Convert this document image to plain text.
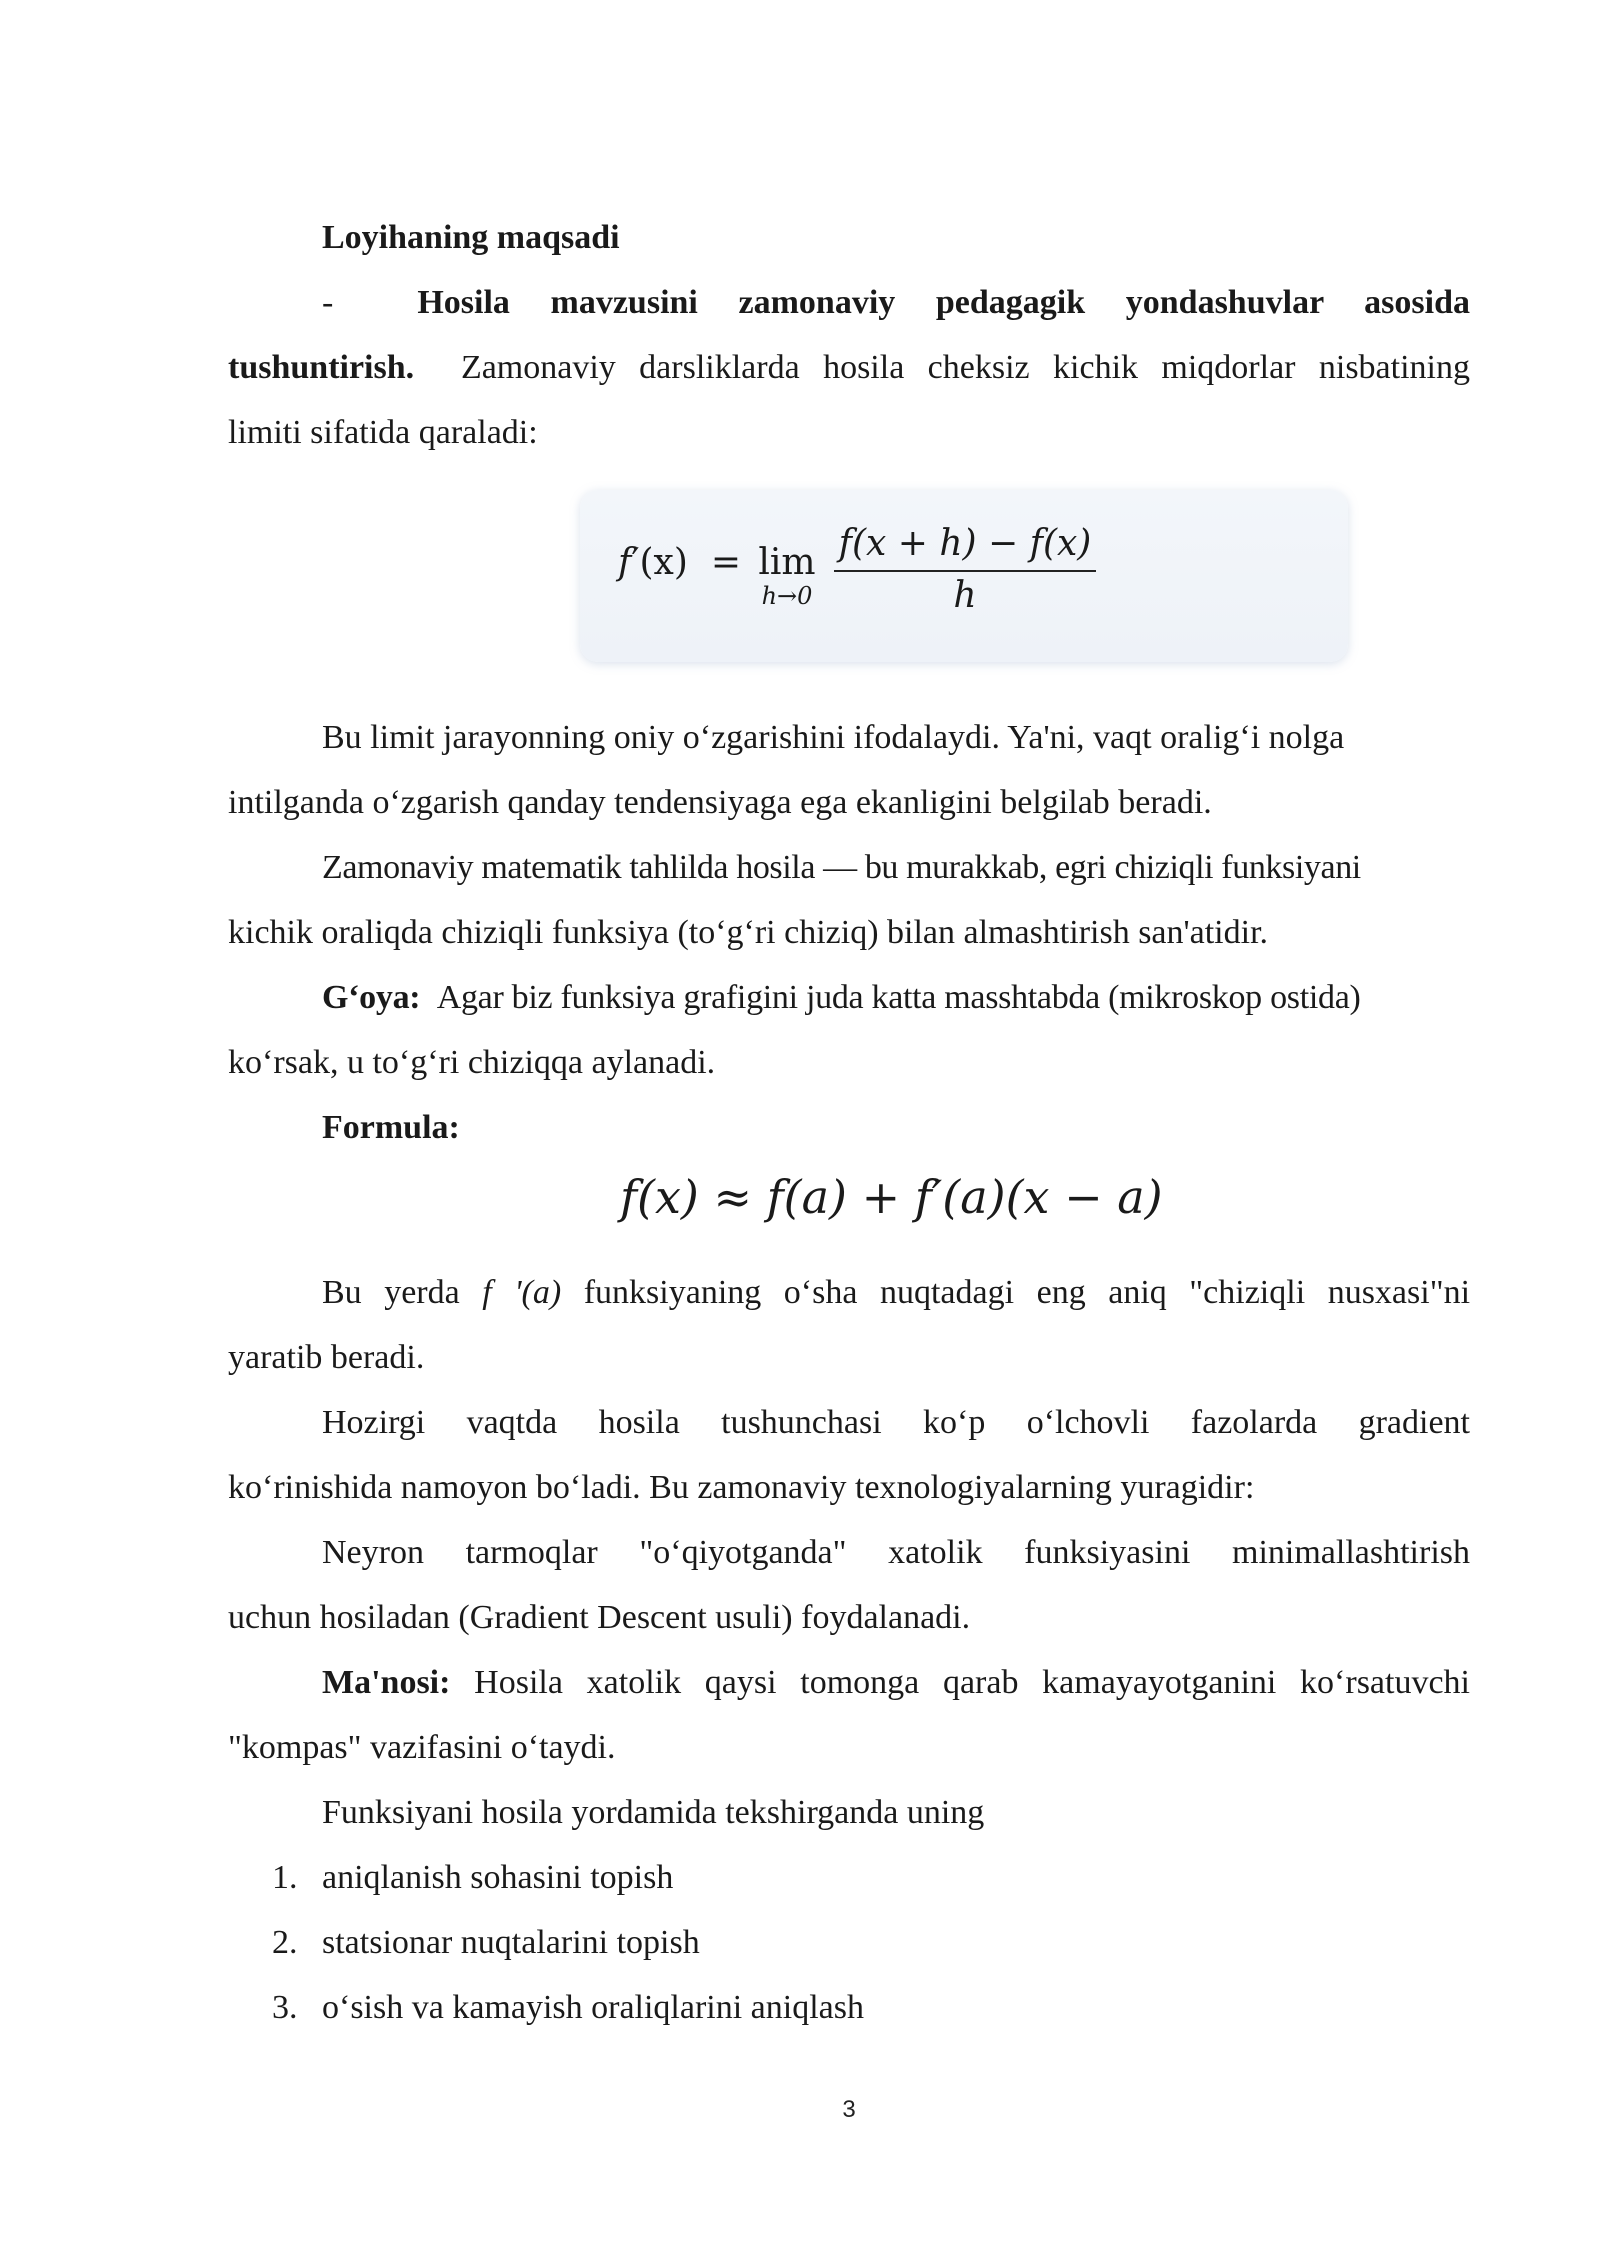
Loyihaning maqsadi
- Hosila mavzusini zamonaviy pedagagik yondashuvlar asosida
tushuntirish. Zamonaviy darsliklarda hosila cheksiz kichik miqdorlar nisbatining
limiti sifatida qaraladi:
f′(x) = lim
h→0
f(x + h) − f(x)
h
Bu limit jarayonning oniy o‘zgarishini ifodalaydi. Ya'ni, vaqt oralig‘i nolga
intilganda o‘zgarish qanday tendensiyaga ega ekanligini belgilab beradi.
Zamonaviy matematik tahlilda hosila — bu murakkab, egri chiziqli funksiyani
kichik oraliqda chiziqli funksiya (to‘g‘ri chiziq) bilan almashtirish san'atidir.
G‘oya: Agar biz funksiya grafigini juda katta masshtabda (mikroskop ostida)
ko‘rsak, u to‘g‘ri chiziqqa aylanadi.
Formula:
f(x) ≈ f(a) + f′(a)(x − a)
Bu yerda f '(a) funksiyaning o‘sha nuqtadagi eng aniq "chiziqli nusxasi"ni
yaratib beradi.
Hozirgi vaqtda hosila tushunchasi ko‘p o‘lchovli fazolarda gradient
ko‘rinishida namoyon bo‘ladi. Bu zamonaviy texnologiyalarning yuragidir:
Neyron tarmoqlar "o‘qiyotganda" xatolik funksiyasini minimallashtirish
uchun hosiladan (Gradient Descent usuli) foydalanadi.
Ma'nosi: Hosila xatolik qaysi tomonga qarab kamayayotganini ko‘rsatuvchi
"kompas" vazifasini o‘taydi.
Funksiyani hosila yordamida tekshirganda uning
1. aniqlanish sohasini topish
2. statsionar nuqtalarini topish
3. o‘sish va kamayish oraliqlarini aniqlash
3
